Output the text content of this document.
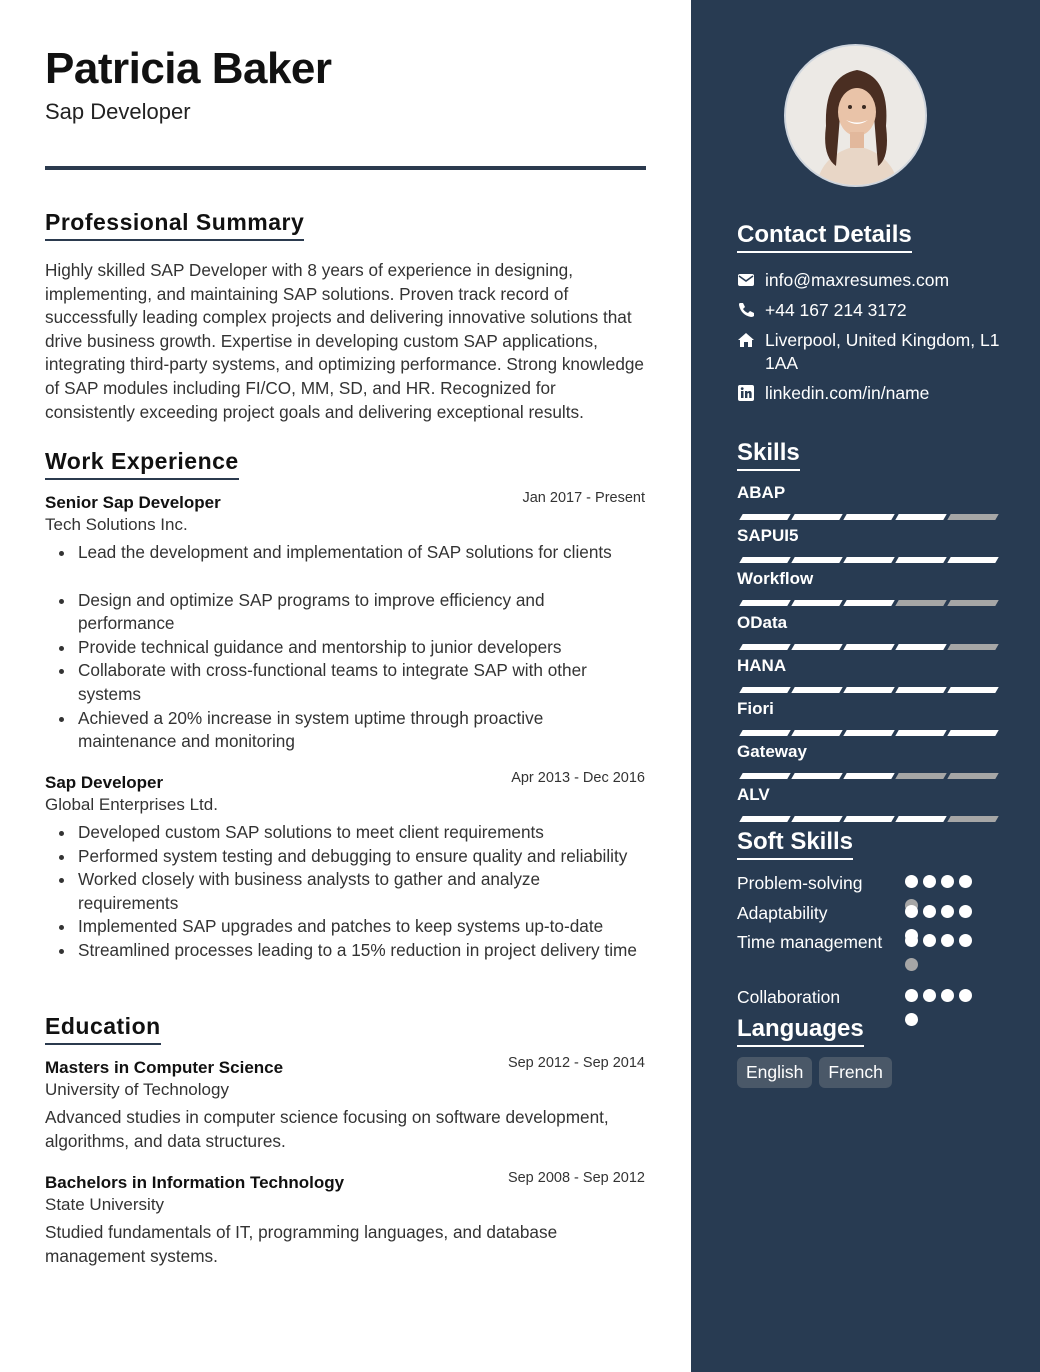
Patricia Baker
Sap Developer
Professional Summary
Highly skilled SAP Developer with 8 years of experience in designing, implementing, and maintaining SAP solutions. Proven track record of successfully leading complex projects and delivering innovative solutions that drive business growth. Expertise in developing custom SAP applications, integrating third-party systems, and optimizing performance. Strong knowledge of SAP modules including FI/CO, MM, SD, and HR. Recognized for consistently exceeding project goals and delivering exceptional results.
Work Experience
Senior Sap Developer	Jan 2017 - Present
Tech Solutions Inc.
Lead the development and implementation of SAP solutions for clients
Design and optimize SAP programs to improve efficiency and performance
Provide technical guidance and mentorship to junior developers
Collaborate with cross-functional teams to integrate SAP with other systems
Achieved a 20% increase in system uptime through proactive maintenance and monitoring
Sap Developer	Apr 2013 - Dec 2016
Global Enterprises Ltd.
Developed custom SAP solutions to meet client requirements
Performed system testing and debugging to ensure quality and reliability
Worked closely with business analysts to gather and analyze requirements
Implemented SAP upgrades and patches to keep systems up-to-date
Streamlined processes leading to a 15% reduction in project delivery time
Education
Masters in Computer Science	Sep 2012 - Sep 2014
University of Technology
Advanced studies in computer science focusing on software development, algorithms, and data structures.
Bachelors in Information Technology	Sep 2008 - Sep 2012
State University
Studied fundamentals of IT, programming languages, and database management systems.
Contact Details
info@maxresumes.com
+44 167 214 3172
Liverpool, United Kingdom, L1 1AA
linkedin.com/in/name
Skills
ABAP
SAPUI5
Workflow
OData
HANA
Fiori
Gateway
ALV
Soft Skills
Problem-solving
Adaptability
Time management
Collaboration
Languages
English	French
